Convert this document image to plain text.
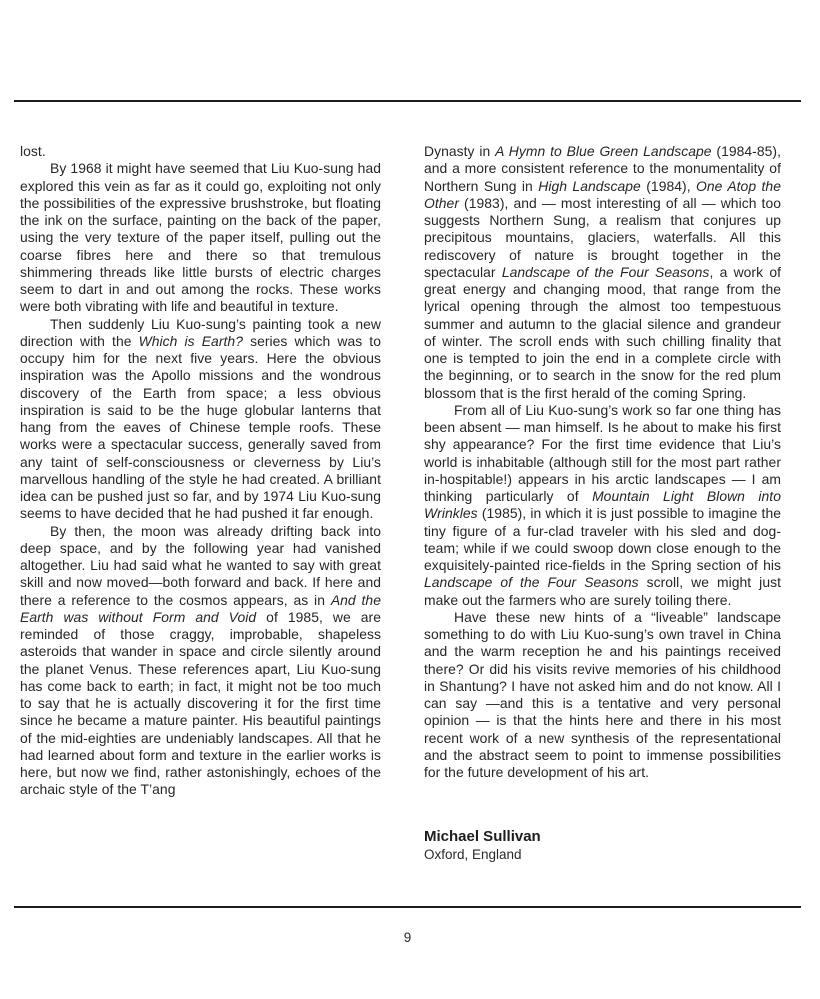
lost.

By 1968 it might have seemed that Liu Kuo-sung had explored this vein as far as it could go, exploiting not only the possibilities of the expressive brushstroke, but floating the ink on the surface, painting on the back of the paper, using the very texture of the paper itself, pulling out the coarse fibres here and there so that tremulous shimmering threads like little bursts of electric charges seem to dart in and out among the rocks. These works were both vibrating with life and beautiful in texture.

Then suddenly Liu Kuo-sung’s painting took a new direction with the Which is Earth? series which was to occupy him for the next five years. Here the obvious inspiration was the Apollo missions and the wondrous discovery of the Earth from space; a less obvious inspiration is said to be the huge globular lanterns that hang from the eaves of Chinese temple roofs. These works were a spectacular success, generally saved from any taint of self-consciousness or cleverness by Liu’s marvellous handling of the style he had created. A brilliant idea can be pushed just so far, and by 1974 Liu Kuo-sung seems to have decided that he had pushed it far enough.

By then, the moon was already drifting back into deep space, and by the following year had vanished altogether. Liu had said what he wanted to say with great skill and now moved—both forward and back. If here and there a reference to the cosmos appears, as in And the Earth was without Form and Void of 1985, we are reminded of those craggy, improbable, shapeless asteroids that wander in space and circle silently around the planet Venus. These references apart, Liu Kuo-sung has come back to earth; in fact, it might not be too much to say that he is actually discovering it for the first time since he became a mature painter. His beautiful paintings of the mid-eighties are undeniably landscapes. All that he had learned about form and texture in the earlier works is here, but now we find, rather astonishingly, echoes of the archaic style of the T’ang

Dynasty in A Hymn to Blue Green Landscape (1984-85), and a more consistent reference to the monumentality of Northern Sung in High Landscape (1984), One Atop the Other (1983), and — most interesting of all — which too suggests Northern Sung, a realism that conjures up precipitous mountains, glaciers, waterfalls. All this rediscovery of nature is brought together in the spectacular Landscape of the Four Seasons, a work of great energy and changing mood, that range from the lyrical opening through the almost too tempestuous summer and autumn to the glacial silence and grandeur of winter. The scroll ends with such chilling finality that one is tempted to join the end in a complete circle with the beginning, or to search in the snow for the red plum blossom that is the first herald of the coming Spring.

From all of Liu Kuo-sung’s work so far one thing has been absent — man himself. Is he about to make his first shy appearance? For the first time evidence that Liu’s world is inhabitable (although still for the most part rather in-hospitable!) appears in his arctic landscapes — I am thinking particularly of Mountain Light Blown into Wrinkles (1985), in which it is just possible to imagine the tiny figure of a fur-clad traveler with his sled and dog-team; while if we could swoop down close enough to the exquisitely-painted rice-fields in the Spring section of his Landscape of the Four Seasons scroll, we might just make out the farmers who are surely toiling there.

Have these new hints of a “liveable” landscape something to do with Liu Kuo-sung’s own travel in China and the warm reception he and his paintings received there? Or did his visits revive memories of his childhood in Shantung? I have not asked him and do not know. All I can say —and this is a tentative and very personal opinion — is that the hints here and there in his most recent work of a new synthesis of the representational and the abstract seem to point to immense possibilities for the future development of his art.

Michael Sullivan
Oxford, England
9
